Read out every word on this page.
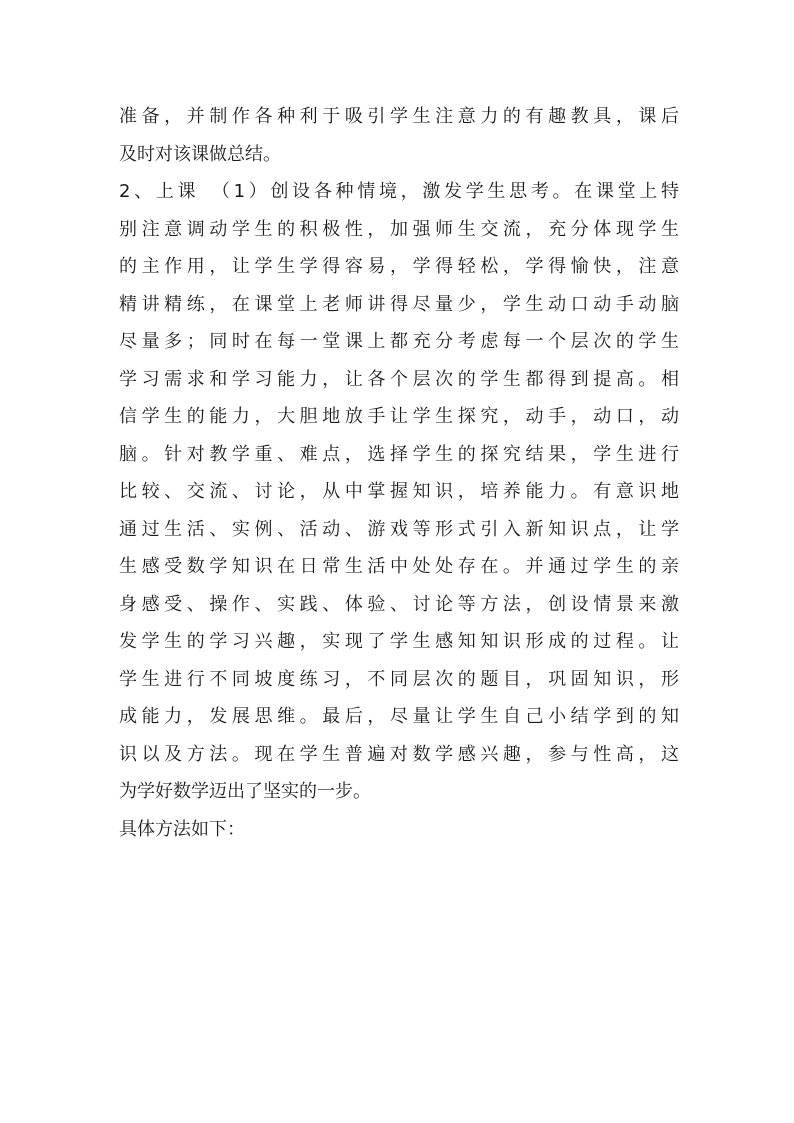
准备，并制作各种利于吸引学生注意力的有趣教具，课后
及时对该课做总结。
2、上课　（1）创设各种情境，激发学生思考。在课堂上特
别注意调动学生的积极性，加强师生交流，充分体现学生
的主作用，让学生学得容易，学得轻松，学得愉快，注意
精讲精练，在课堂上老师讲得尽量少，学生动口动手动脑
尽量多；同时在每一堂课上都充分考虑每一个层次的学生
学习需求和学习能力，让各个层次的学生都得到提高。相
信学生的能力，大胆地放手让学生探究，动手，动口，动
脑。针对教学重、难点，选择学生的探究结果，学生进行
比较、交流、讨论，从中掌握知识，培养能力。有意识地
通过生活、实例、活动、游戏等形式引入新知识点，让学
生感受数学知识在日常生活中处处存在。并通过学生的亲
身感受、操作、实践、体验、讨论等方法，创设情景来激
发学生的学习兴趣，实现了学生感知知识形成的过程。让
学生进行不同坡度练习，不同层次的题目，巩固知识，形
成能力，发展思维。最后，尽量让学生自己小结学到的知
识以及方法。现在学生普遍对数学感兴趣，参与性高，这
为学好数学迈出了坚实的一步。
具体方法如下：
